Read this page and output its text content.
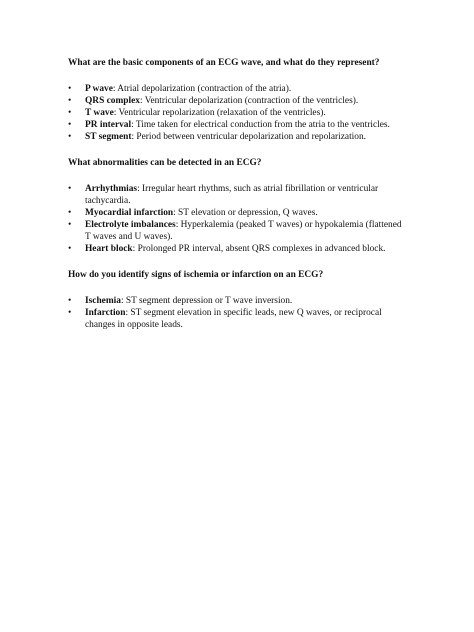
What are the basic components of an ECG wave, and what do they represent?

• P wave: Atrial depolarization (contraction of the atria).
• QRS complex: Ventricular depolarization (contraction of the ventricles).
• T wave: Ventricular repolarization (relaxation of the ventricles).
• PR interval: Time taken for electrical conduction from the atria to the ventricles.
• ST segment: Period between ventricular depolarization and repolarization.

What abnormalities can be detected in an ECG?

• Arrhythmias: Irregular heart rhythms, such as atrial fibrillation or ventricular tachycardia.
• Myocardial infarction: ST elevation or depression, Q waves.
• Electrolyte imbalances: Hyperkalemia (peaked T waves) or hypokalemia (flattened T waves and U waves).
• Heart block: Prolonged PR interval, absent QRS complexes in advanced block.

How do you identify signs of ischemia or infarction on an ECG?

• Ischemia: ST segment depression or T wave inversion.
• Infarction: ST segment elevation in specific leads, new Q waves, or reciprocal changes in opposite leads.
